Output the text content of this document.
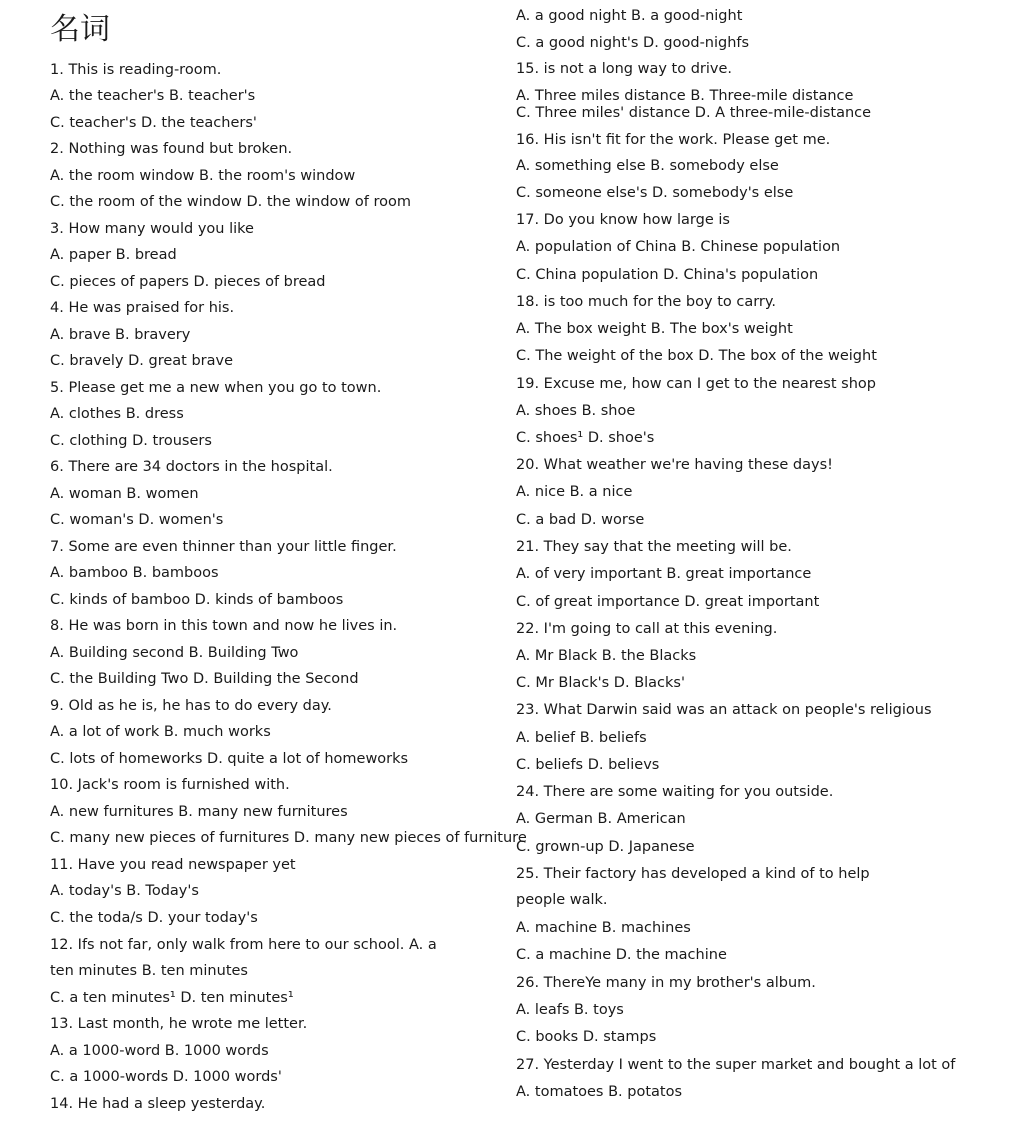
名词
1. This is reading-room.
A. the teacher's B. teacher's
C. teacher's D. the teachers'
2. Nothing was found but broken.
A. the room window B. the room's window
C. the room of the window D. the window of room
3. How many would you like
A. paper B. bread
C. pieces of papers D. pieces of bread
4. He was praised for his.
A. brave B. bravery
C. bravely D. great brave
5. Please get me a new when you go to town.
A. clothes B. dress
C. clothing D. trousers
6. There are 34 doctors in the hospital.
A. woman B. women
C. woman's D. women's
7. Some are even thinner than your little finger.
A. bamboo B. bamboos
C. kinds of bamboo D. kinds of bamboos
8. He was born in this town and now he lives in.
A. Building second B. Building Two
C. the Building Two D. Building the Second
9. Old as he is, he has to do every day.
A. a lot of work B. much works
C. lots of homeworks D. quite a lot of homeworks
10. Jack's room is furnished with.
A. new furnitures B. many new furnitures
C. many new pieces of furnitures D. many new pieces of furniture
11. Have you read newspaper yet
A. today's B. Today's
C. the toda/s D. your today's
12. Ifs not far, only walk from here to our school. A. a ten minutes B. ten minutes
C. a ten minutes¹ D. ten minutes¹
13. Last month, he wrote me letter.
A. a 1000-word B. 1000 words
C. a 1000-words D. 1000 words'
14. He had a sleep yesterday.
A. a good night B. a good-night
C. a good night's D. good-nighfs
15. is not a long way to drive.
A. Three miles distance B. Three-mile distance
C. Three miles' distance D. A three-mile-distance
16. His isn't fit for the work. Please get me.
A. something else B. somebody else
C. someone else's D. somebody's else
17. Do you know how large is
A. population of China B. Chinese population
C. China population D. China's population
18. is too much for the boy to carry.
A. The box weight B. The box's weight
C. The weight of the box D. The box of the weight
19. Excuse me, how can I get to the nearest shop
A. shoes B. shoe
C. shoes¹ D. shoe's
20. What weather we're having these days!
A. nice B. a nice
C. a bad D. worse
21. They say that the meeting will be.
A. of very important B. great importance
C. of great importance D. great important
22. I'm going to call at this evening.
A. Mr Black B. the Blacks
C. Mr Black's D. Blacks'
23. What Darwin said was an attack on people's religious
A. belief B. beliefs
C. beliefs D. believs
24. There are some waiting for you outside.
A. German B. American
C. grown-up D. Japanese
25. Their factory has developed a kind of to help people walk.
A. machine B. machines
C. a machine D. the machine
26. ThereYe many in my brother's album.
A. leafs B. toys
C. books D. stamps
27. Yesterday I went to the super market and bought a lot of
A. tomatoes B. potatos
